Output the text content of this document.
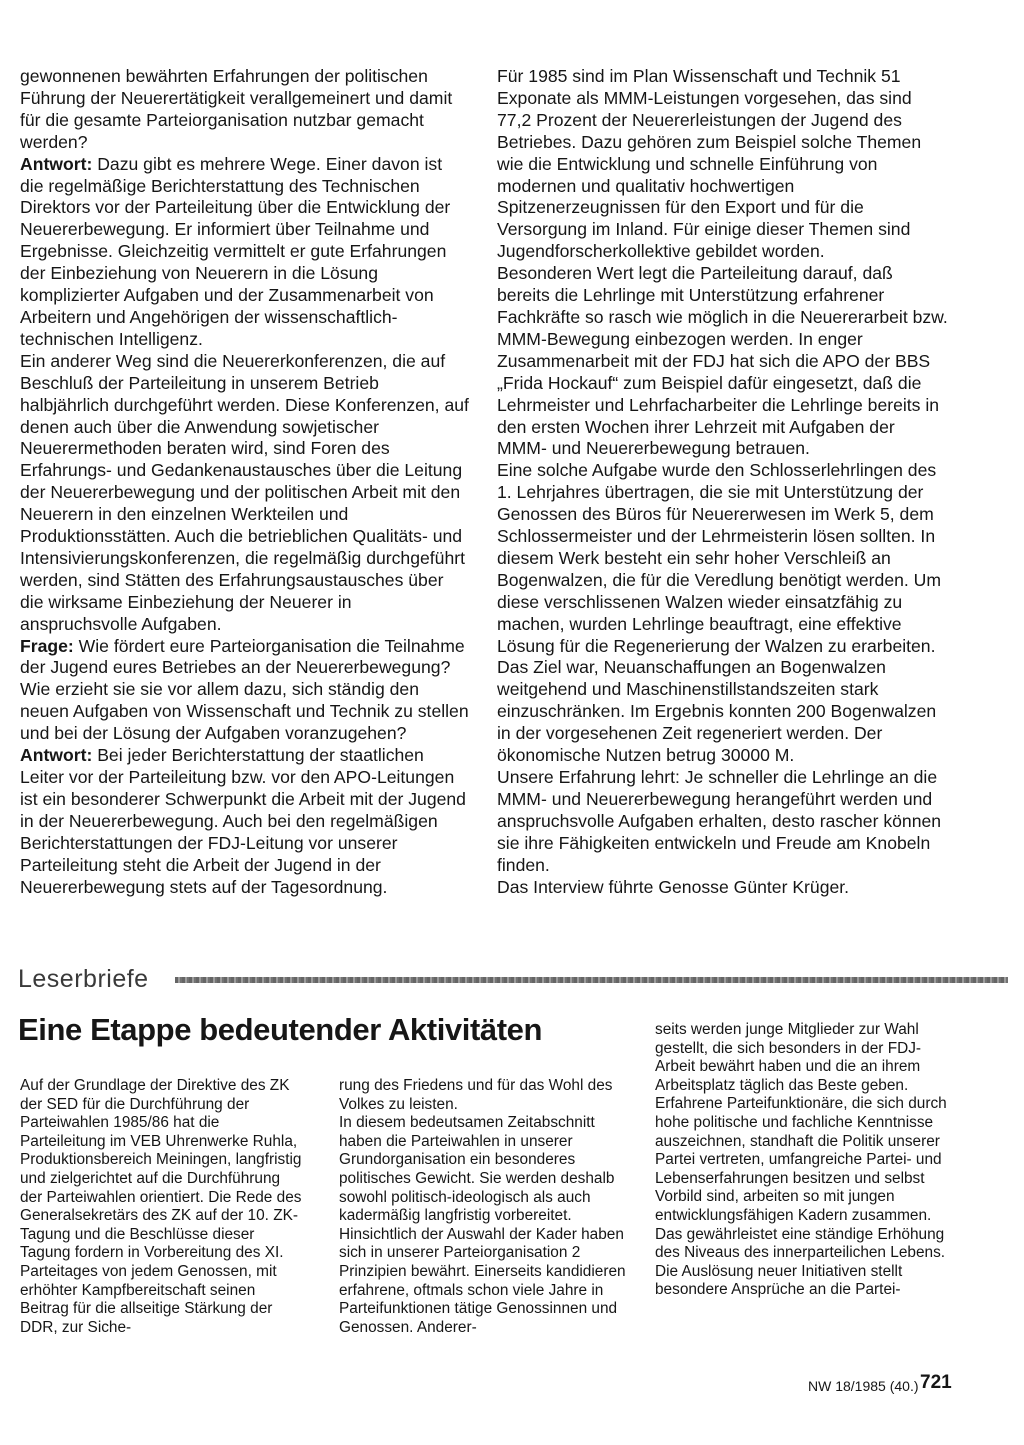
gewonnenen bewährten Erfahrungen der politischen Führung der Neuerertätigkeit verallgemeinert und damit für die gesamte Parteiorganisation nutzbar gemacht werden?

Antwort: Dazu gibt es mehrere Wege. Einer davon ist die regelmäßige Berichterstattung des Technischen Direktors vor der Parteileitung über die Entwicklung der Neuererbewegung. Er informiert über Teilnahme und Ergebnisse. Gleichzeitig vermittelt er gute Erfahrungen der Einbeziehung von Neuerern in die Lösung komplizierter Aufgaben und der Zusammenarbeit von Arbeitern und Angehörigen der wissenschaftlich-technischen Intelligenz.

Ein anderer Weg sind die Neuererkonferenzen, die auf Beschluß der Parteileitung in unserem Betrieb halbjährlich durchgeführt werden. Diese Konferenzen, auf denen auch über die Anwendung sowjetischer Neuerermethoden beraten wird, sind Foren des Erfahrungs- und Gedankenaustausches über die Leitung der Neuererbewegung und der politischen Arbeit mit den Neuerern in den einzelnen Werkteilen und Produktionsstätten. Auch die betrieblichen Qualitäts- und Intensivierungskonferenzen, die regelmäßig durchgeführt werden, sind Stätten des Erfahrungsaustausches über die wirksame Einbeziehung der Neuerer in anspruchsvolle Aufgaben.

Frage: Wie fördert eure Parteiorganisation die Teilnahme der Jugend eures Betriebes an der Neuererbewegung? Wie erzieht sie sie vor allem dazu, sich ständig den neuen Aufgaben von Wissenschaft und Technik zu stellen und bei der Lösung der Aufgaben voranzugehen?

Antwort: Bei jeder Berichterstattung der staatlichen Leiter vor der Parteileitung bzw. vor den APO-Leitungen ist ein besonderer Schwerpunkt die Arbeit mit der Jugend in der Neuererbewegung. Auch bei den regelmäßigen Berichterstattungen der FDJ-Leitung vor unserer Parteileitung steht die Arbeit der Jugend in der Neuererbewegung stets auf der Tagesordnung.

Für 1985 sind im Plan Wissenschaft und Technik 51 Exponate als MMM-Leistungen vorgesehen, das sind 77,2 Prozent der Neuererleistungen der Jugend des Betriebes. Dazu gehören zum Beispiel solche Themen wie die Entwicklung und schnelle Einführung von modernen und qualitativ hochwertigen Spitzenerzeugnissen für den Export und für die Versorgung im Inland. Für einige dieser Themen sind Jugendforscherkollektive gebildet worden.

Besonderen Wert legt die Parteileitung darauf, daß bereits die Lehrlinge mit Unterstützung erfahrener Fachkräfte so rasch wie möglich in die Neuererarbeit bzw. MMM-Bewegung einbezogen werden. In enger Zusammenarbeit mit der FDJ hat sich die APO der BBS „Frida Hockauf“ zum Beispiel dafür eingesetzt, daß die Lehrmeister und Lehrfacharbeiter die Lehrlinge bereits in den ersten Wochen ihrer Lehrzeit mit Aufgaben der MMM- und Neuererbewegung betrauen.

Eine solche Aufgabe wurde den Schlosserlehrlingen des 1. Lehrjahres übertragen, die sie mit Unterstützung der Genossen des Büros für Neuererwesen im Werk 5, dem Schlossermeister und der Lehrmeisterin lösen sollten. In diesem Werk besteht ein sehr hoher Verschleiß an Bogenwalzen, die für die Veredlung benötigt werden. Um diese verschlissenen Walzen wieder einsatzfähig zu machen, wurden Lehrlinge beauftragt, eine effektive Lösung für die Regenerierung der Walzen zu erarbeiten. Das Ziel war, Neuanschaffungen an Bogenwalzen weitgehend und Maschinenstillstandszeiten stark einzuschränken. Im Ergebnis konnten 200 Bogenwalzen in der vorgesehenen Zeit regeneriert werden. Der ökonomische Nutzen betrug 30000 M.

Unsere Erfahrung lehrt: Je schneller die Lehrlinge an die MMM- und Neuererbewegung herangeführt werden und anspruchsvolle Aufgaben erhalten, desto rascher können sie ihre Fähigkeiten entwickeln und Freude am Knobeln finden.

Das Interview führte Genosse Günter Krüger.

Leserbriefe
Eine Etappe bedeutender Aktivitäten

Auf der Grundlage der Direktive des ZK der SED für die Durchführung der Parteiwahlen 1985/86 hat die Parteileitung im VEB Uhrenwerke Ruhla, Produktionsbereich Meiningen, langfristig und zielgerichtet auf die Durchführung der Parteiwahlen orientiert. Die Rede des Generalsekretärs des ZK auf der 10. ZK-Tagung und die Beschlüsse dieser Tagung fordern in Vorbereitung des XI. Parteitages von jedem Genossen, mit erhöhter Kampfbereitschaft seinen Beitrag für die allseitige Stärkung der DDR, zur Siche-

rung des Friedens und für das Wohl des Volkes zu leisten.

In diesem bedeutsamen Zeitabschnitt haben die Parteiwahlen in unserer Grundorganisation ein besonderes politisches Gewicht. Sie werden deshalb sowohl politisch-ideologisch als auch kadermäßig langfristig vorbereitet.

Hinsichtlich der Auswahl der Kader haben sich in unserer Parteiorganisation 2 Prinzipien bewährt. Einerseits kandidieren erfahrene, oftmals schon viele Jahre in Parteifunktionen tätige Genossinnen und Genossen. Anderer-

seits werden junge Mitglieder zur Wahl gestellt, die sich besonders in der FDJ-Arbeit bewährt haben und die an ihrem Arbeitsplatz täglich das Beste geben. Erfahrene Parteifunktionäre, die sich durch hohe politische und fachliche Kenntnisse auszeichnen, standhaft die Politik unserer Partei vertreten, umfangreiche Partei- und Lebenserfahrungen besitzen und selbst Vorbild sind, arbeiten so mit jungen entwicklungsfähigen Kadern zusammen. Das gewährleistet eine ständige Erhöhung des Niveaus des innerparteilichen Lebens.

Die Auslösung neuer Initiativen stellt besondere Ansprüche an die Partei-

NW 18/1985 (40.) 721
